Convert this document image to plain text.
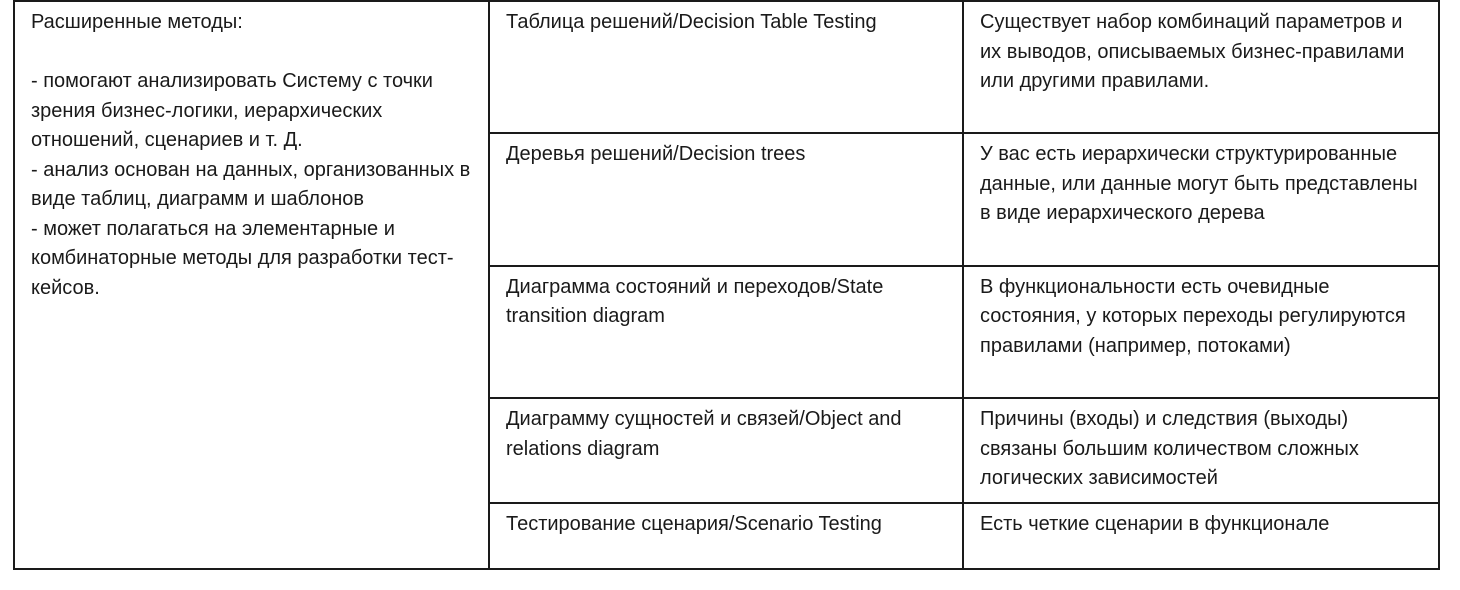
Расширенные методы:
- помогают анализировать Систему с точки зрения бизнес-логики, иерархических отношений, сценариев и т. Д.
- анализ основан на данных, организованных в виде таблиц, диаграмм и шаблонов
- может полагаться на элементарные и комбинаторные методы для разработки тест-кейсов.	Таблица решений/Decision Table Testing	Существует набор комбинаций параметров и их выводов, описываемых бизнес-правилами или другими правилами.

	Деревья решений/Decision trees	У вас есть иерархически структурированные данные, или данные могут быть представлены в виде иерархического дерева

	Диаграмма состояний и переходов/State transition diagram	В функциональности есть очевидные состояния, у которых переходы регулируются правилами (например, потоками)

	Диаграмму сущностей и связей/Object and relations diagram	Причины (входы) и следствия (выходы) связаны большим количеством сложных логических зависимостей

	Тестирование сценария/Scenario Testing	Есть четкие сценарии в функционале
